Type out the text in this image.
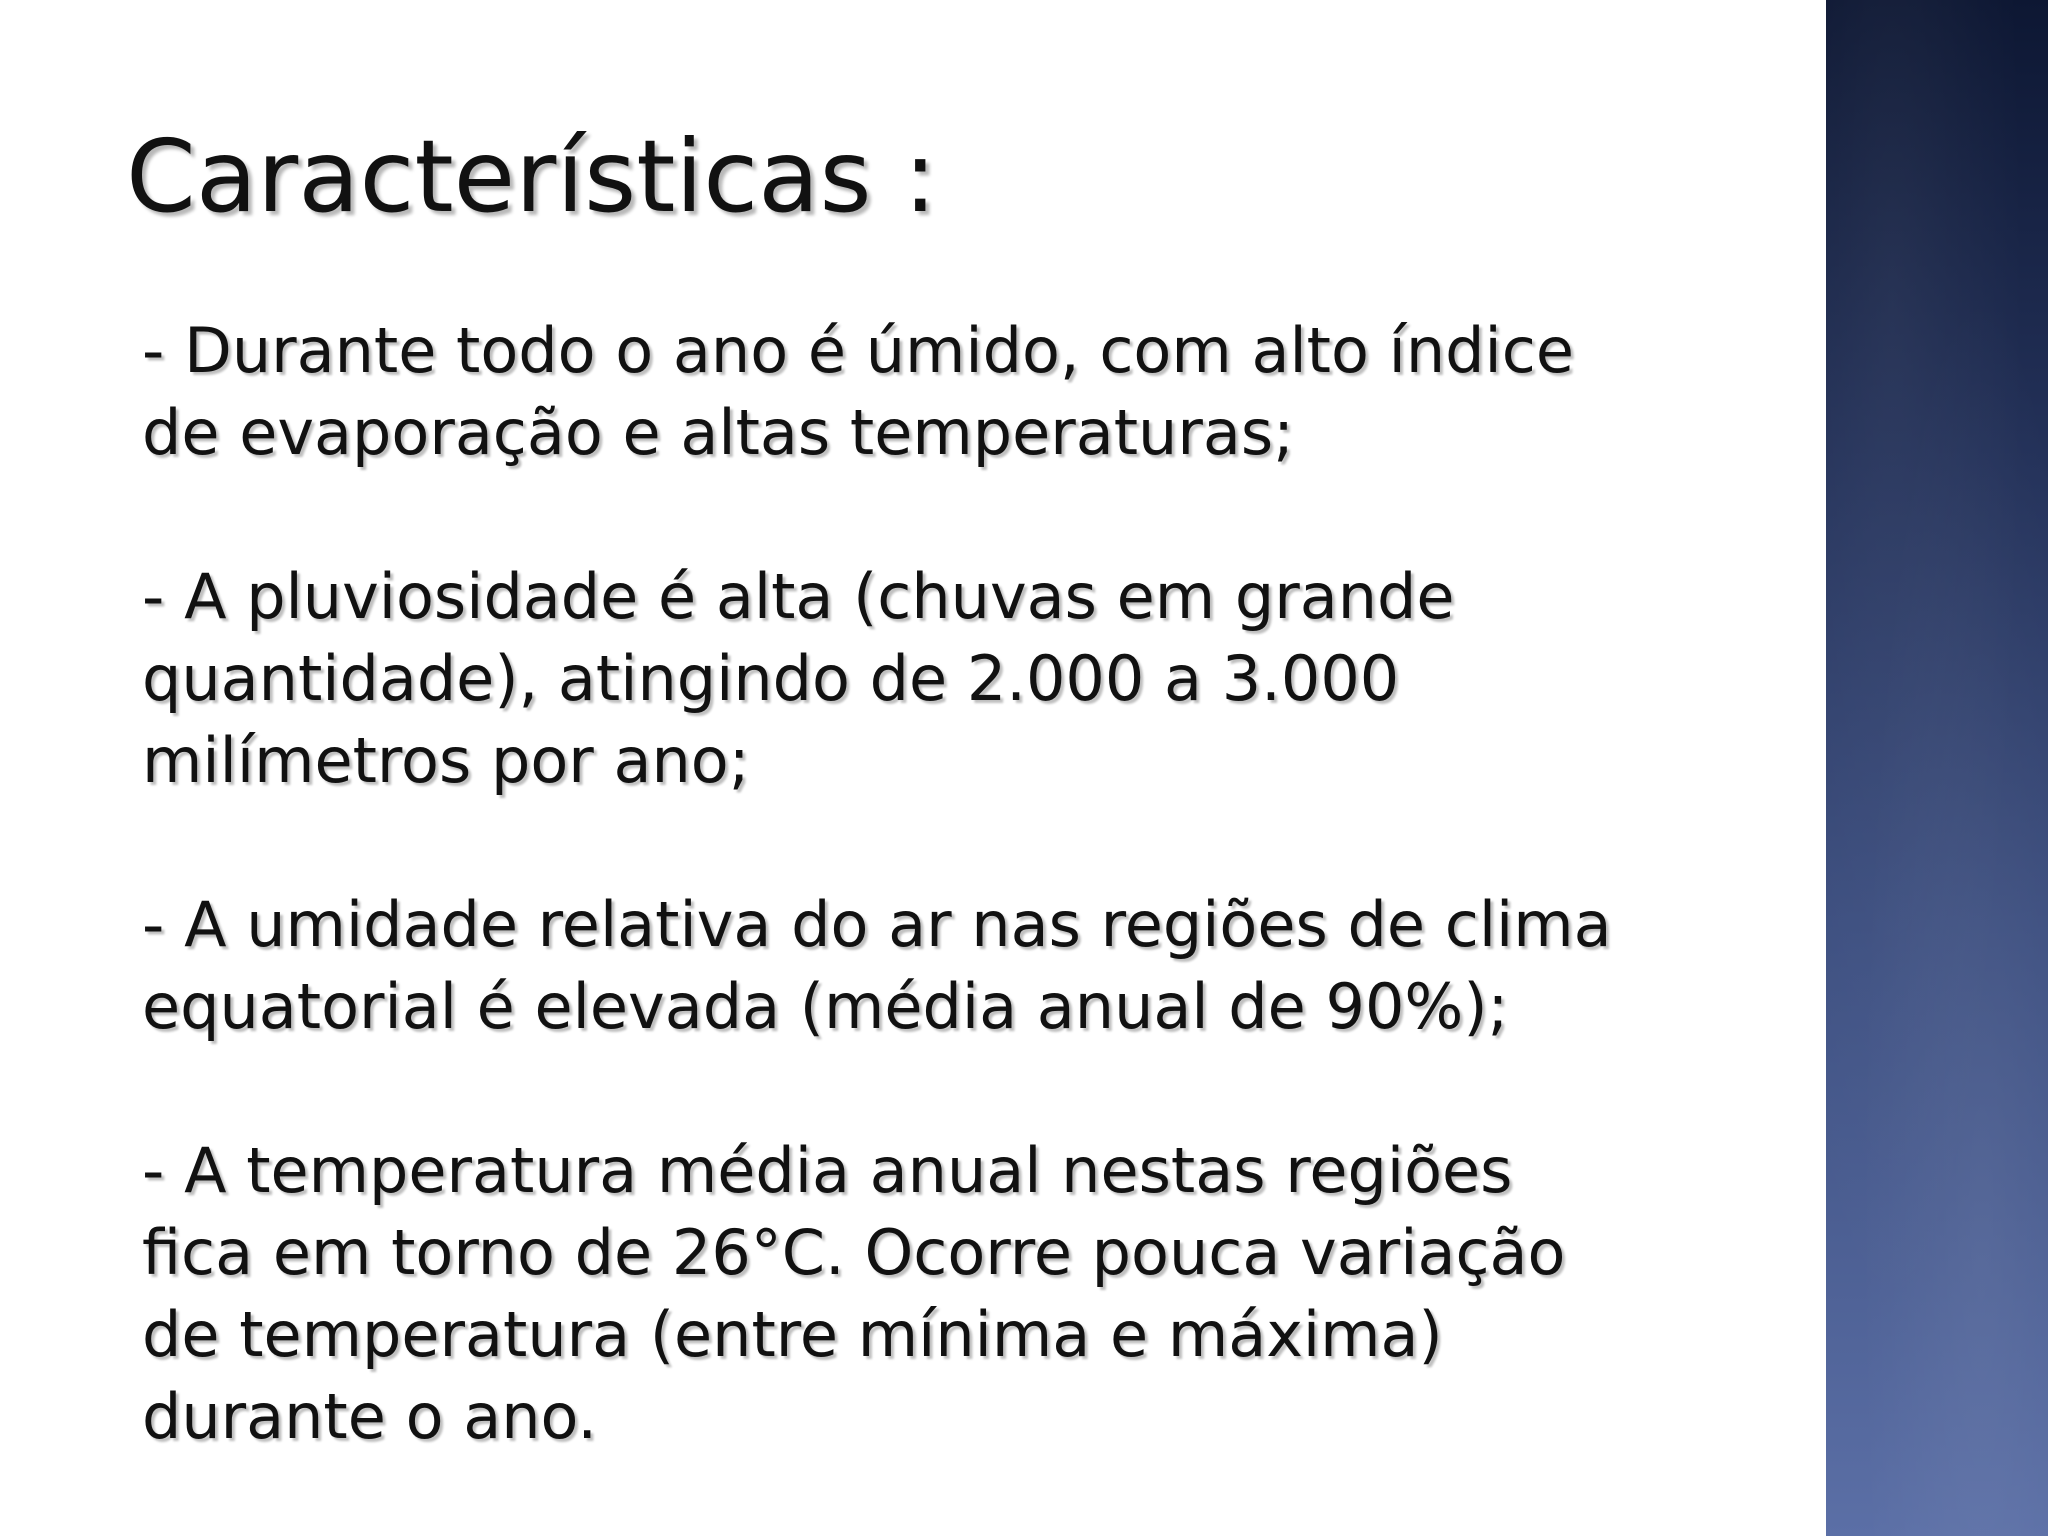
Características :

- Durante todo o ano é úmido, com alto índice
de evaporação e altas temperaturas;

- A pluviosidade é alta (chuvas em grande
quantidade), atingindo de 2.000 a 3.000
milímetros por ano;

- A umidade relativa do ar nas regiões de clima
equatorial é elevada (média anual de 90%);

- A temperatura média anual nestas regiões
fica em torno de 26°C. Ocorre pouca variação
de temperatura (entre mínima e máxima)
durante o ano.
